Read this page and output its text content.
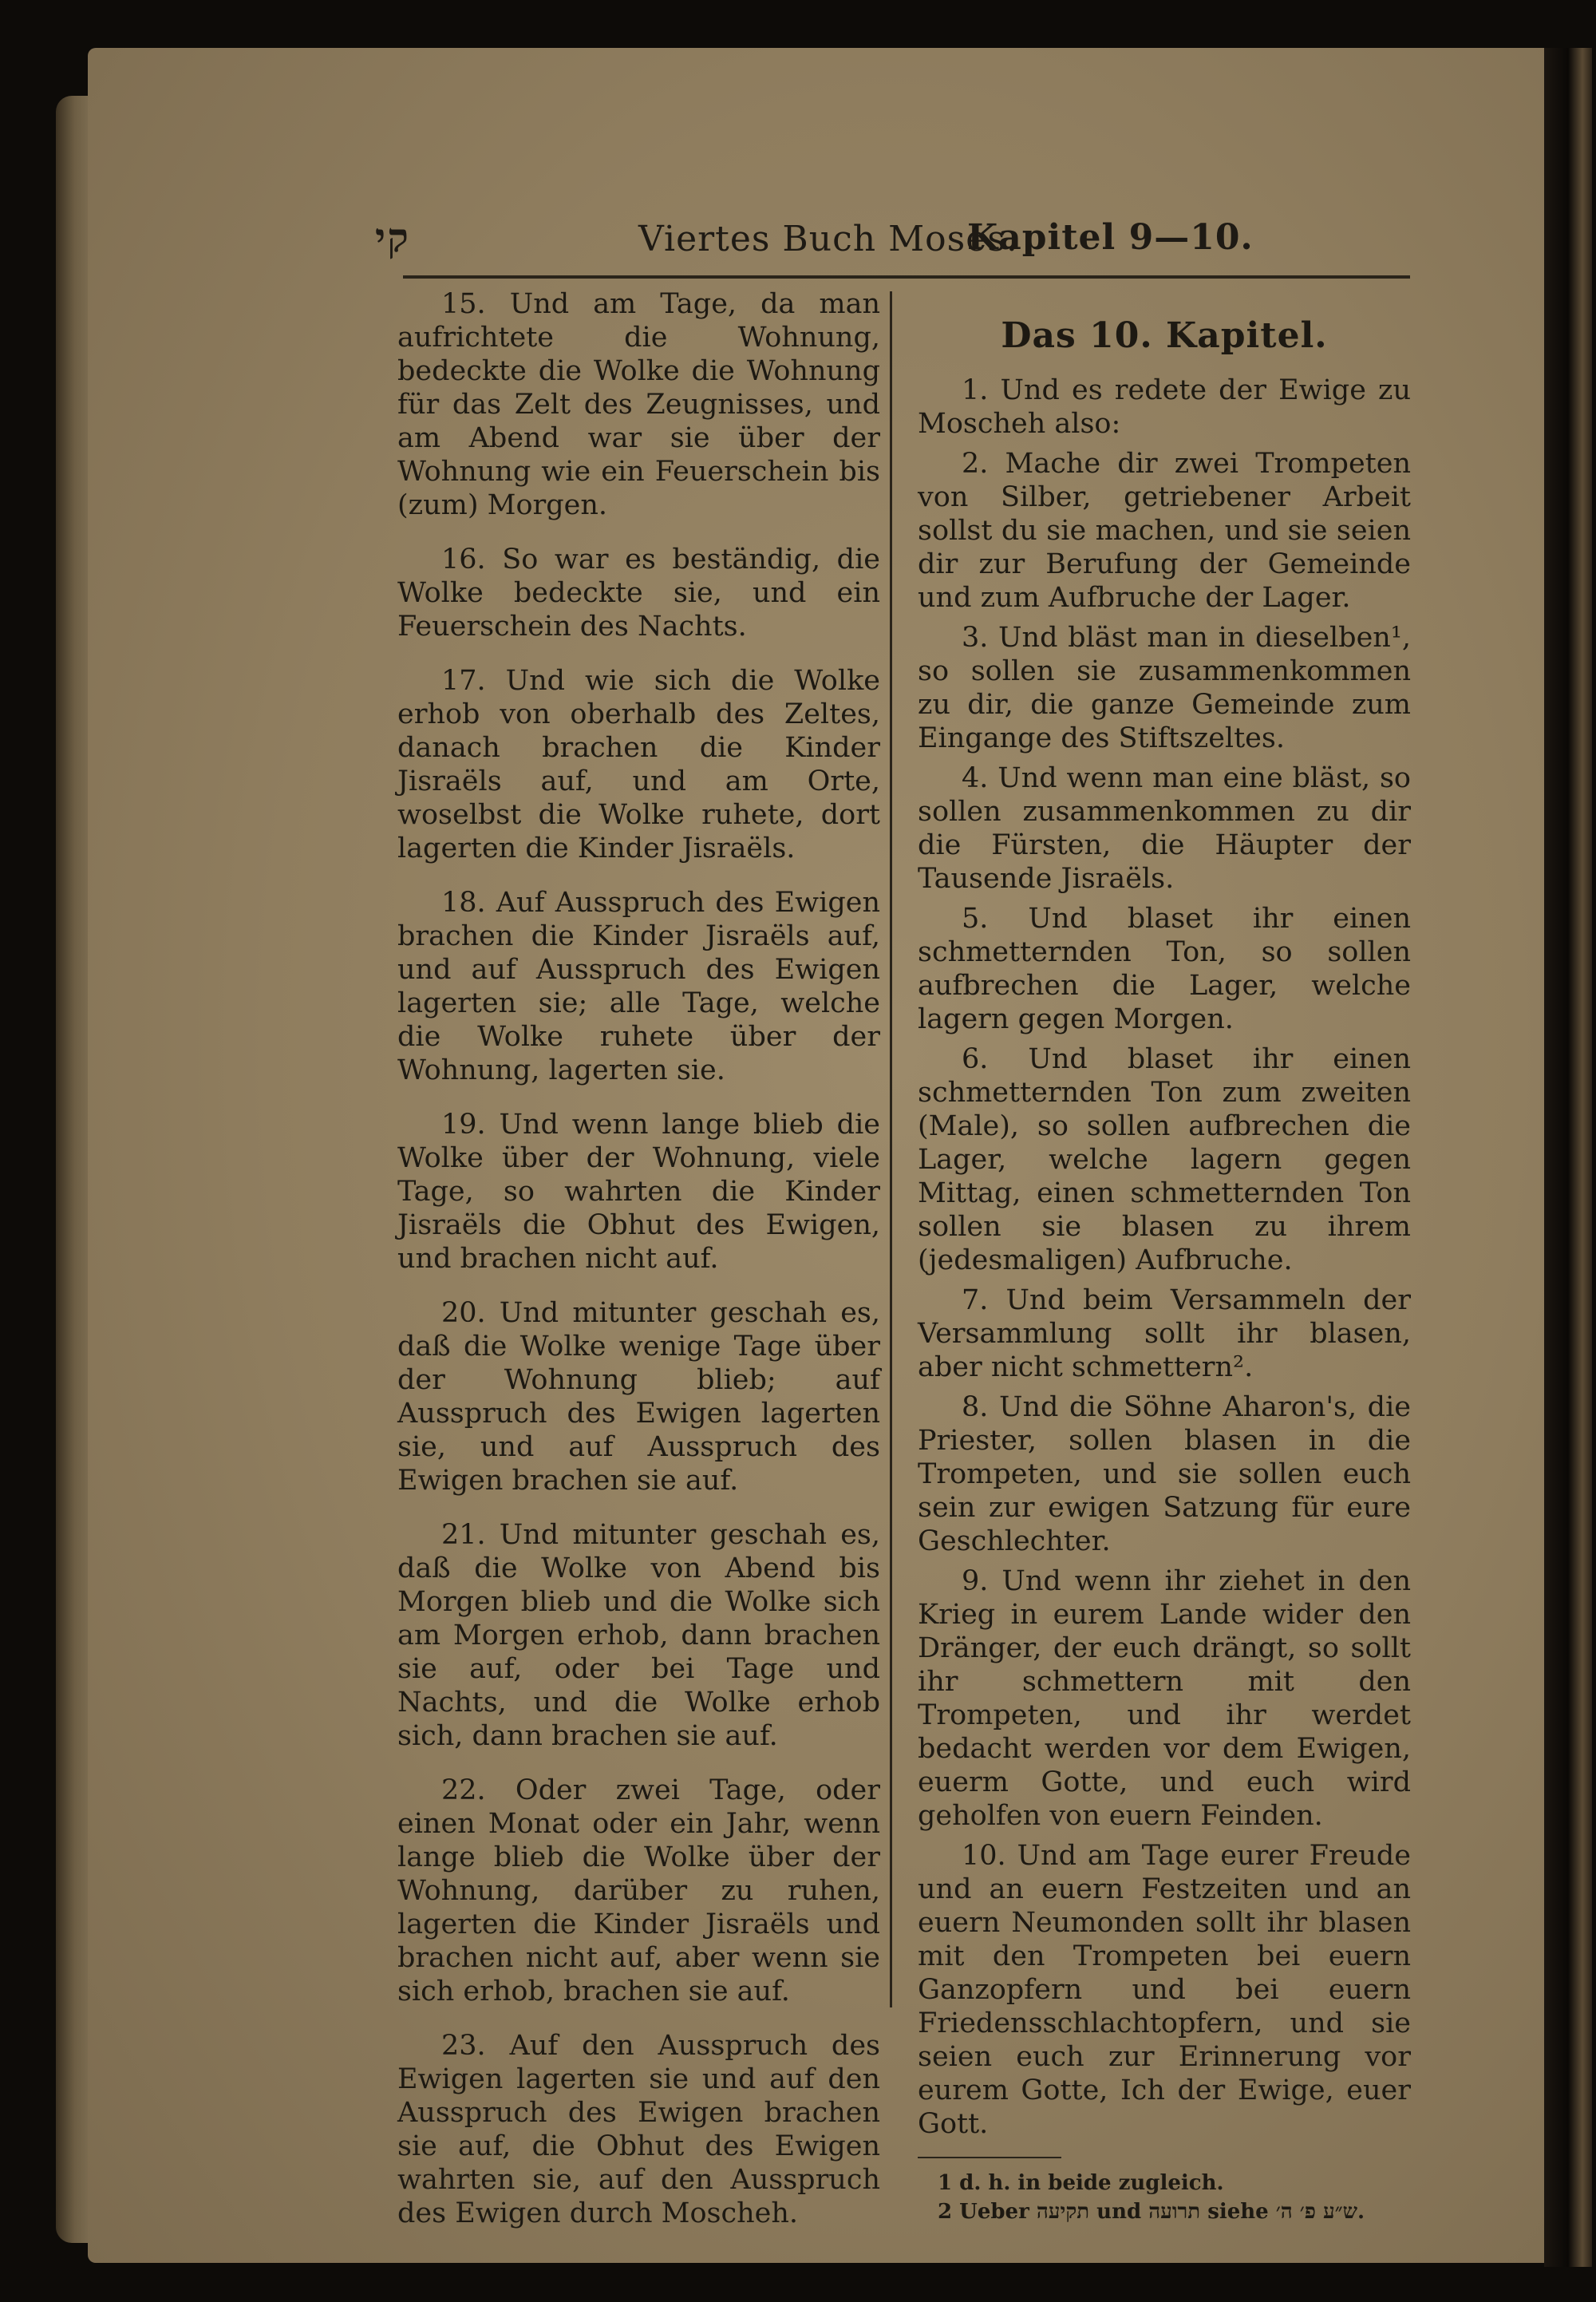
קי	Viertes Buch Moses.
Kapitel 9—10.

15. Und am Tage, da man aufrichtete die Wohnung, bedeckte die Wolke die Wohnung für das Zelt des Zeugnisses, und am Abend war sie über der Wohnung wie ein Feuerschein bis (zum) Morgen.

16. So war es beständig, die Wolke bedeckte sie, und ein Feuerschein des Nachts.

17. Und wie sich die Wolke erhob von oberhalb des Zeltes, danach brachen die Kinder Jisraëls auf, und am Orte, woselbst die Wolke ruhete, dort lagerten die Kinder Jisraëls.

18. Auf Ausspruch des Ewigen brachen die Kinder Jisraëls auf, und auf Ausspruch des Ewigen lagerten sie; alle Tage, welche die Wolke ruhete über der Wohnung, lagerten sie.

19. Und wenn lange blieb die Wolke über der Wohnung, viele Tage, so wahrten die Kinder Jisraëls die Obhut des Ewigen, und brachen nicht auf.

20. Und mitunter geschah es, daß die Wolke wenige Tage über der Wohnung blieb; auf Ausspruch des Ewigen lagerten sie, und auf Ausspruch des Ewigen brachen sie auf.

21. Und mitunter geschah es, daß die Wolke von Abend bis Morgen blieb und die Wolke sich am Morgen erhob, dann brachen sie auf, oder bei Tage und Nachts, und die Wolke erhob sich, dann brachen sie auf.

22. Oder zwei Tage, oder einen Monat oder ein Jahr, wenn lange blieb die Wolke über der Wohnung, darüber zu ruhen, lagerten die Kinder Jisraëls und brachen nicht auf, aber wenn sie sich erhob, brachen sie auf.

23. Auf den Ausspruch des Ewigen lagerten sie und auf den Ausspruch des Ewigen brachen sie auf, die Obhut des Ewigen wahrten sie, auf den Ausspruch des Ewigen durch Moscheh.

Das 10. Kapitel.

1. Und es redete der Ewige zu Moscheh also:

2. Mache dir zwei Trompeten von Silber, getriebener Arbeit sollst du sie machen, und sie seien dir zur Berufung der Gemeinde und zum Aufbruche der Lager.

3. Und bläst man in dieselben¹, so sollen sie zusammenkommen zu dir, die ganze Gemeinde zum Eingange des Stiftszeltes.

4. Und wenn man eine bläst, so sollen zusammenkommen zu dir die Fürsten, die Häupter der Tausende Jisraëls.

5. Und blaset ihr einen schmetternden Ton, so sollen aufbrechen die Lager, welche lagern gegen Morgen.

6. Und blaset ihr einen schmetternden Ton zum zweiten (Male), so sollen aufbrechen die Lager, welche lagern gegen Mittag, einen schmetternden Ton sollen sie blasen zu ihrem (jedesmaligen) Aufbruche.

7. Und beim Versammeln der Versammlung sollt ihr blasen, aber nicht schmettern².

8. Und die Söhne Aharon's, die Priester, sollen blasen in die Trompeten, und sie sollen euch sein zur ewigen Satzung für eure Geschlechter.

9. Und wenn ihr ziehet in den Krieg in eurem Lande wider den Dränger, der euch drängt, so sollt ihr schmettern mit den Trompeten, und ihr werdet bedacht werden vor dem Ewigen, euerm Gotte, und euch wird geholfen von euern Feinden.

10. Und am Tage eurer Freude und an euern Festzeiten und an euern Neumonden sollt ihr blasen mit den Trompeten bei euern Ganzopfern und bei euern Friedensschlachtopfern, und sie seien euch zur Erinnerung vor eurem Gotte, Ich der Ewige, euer Gott.

1 d. h. in beide zugleich.
2 Ueber תקיעה und תרועה siehe ש״ע פ׳ ה׳.
